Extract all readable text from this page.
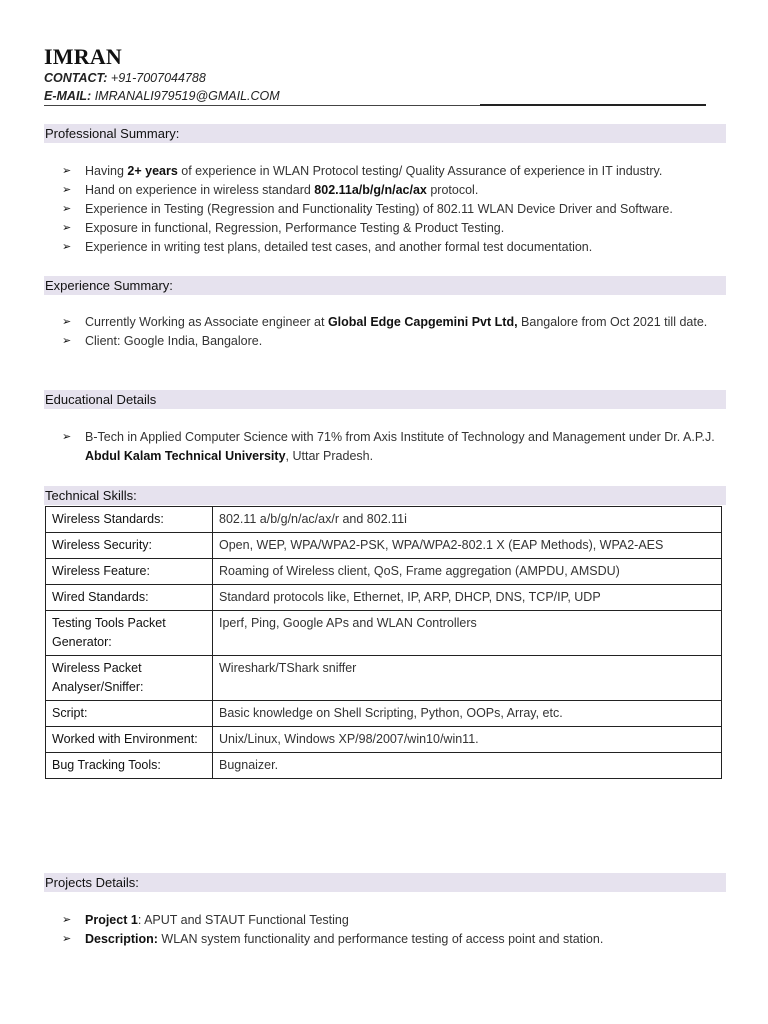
IMRAN
CONTACT: +91-7007044788
E-MAIL: IMRANALI979519@GMAIL.COM
Professional Summary:
➢ Having 2+ years of experience in WLAN Protocol testing/ Quality Assurance of experience in IT industry.
➢ Hand on experience in wireless standard 802.11a/b/g/n/ac/ax protocol.
➢ Experience in Testing (Regression and Functionality Testing) of 802.11 WLAN Device Driver and Software.
➢ Exposure in functional, Regression, Performance Testing & Product Testing.
➢ Experience in writing test plans, detailed test cases, and another formal test documentation.
Experience Summary:
➢ Currently Working as Associate engineer at Global Edge Capgemini Pvt Ltd, Bangalore from Oct 2021 till date.
➢ Client: Google India, Bangalore.
Educational Details
➢ B-Tech in Applied Computer Science with 71% from Axis Institute of Technology and Management under Dr. A.P.J. Abdul Kalam Technical University, Uttar Pradesh.
Technical Skills:
Wireless Standards:	802.11 a/b/g/n/ac/ax/r and 802.11i
Wireless Security:	Open, WEP, WPA/WPA2-PSK, WPA/WPA2-802.1 X (EAP Methods), WPA2-AES
Wireless Feature:	Roaming of Wireless client, QoS, Frame aggregation (AMPDU, AMSDU)
Wired Standards:	Standard protocols like, Ethernet, IP, ARP, DHCP, DNS, TCP/IP, UDP
Testing Tools Packet Generator:	Iperf, Ping, Google APs and WLAN Controllers
Wireless Packet Analyser/Sniffer:	Wireshark/TShark sniffer
Script:	Basic knowledge on Shell Scripting, Python, OOPs, Array, etc.
Worked with Environment:	Unix/Linux, Windows XP/98/2007/win10/win11.
Bug Tracking Tools:	Bugnaizer.
Projects Details:
➢ Project 1: APUT and STAUT Functional Testing
➢ Description: WLAN system functionality and performance testing of access point and station.
